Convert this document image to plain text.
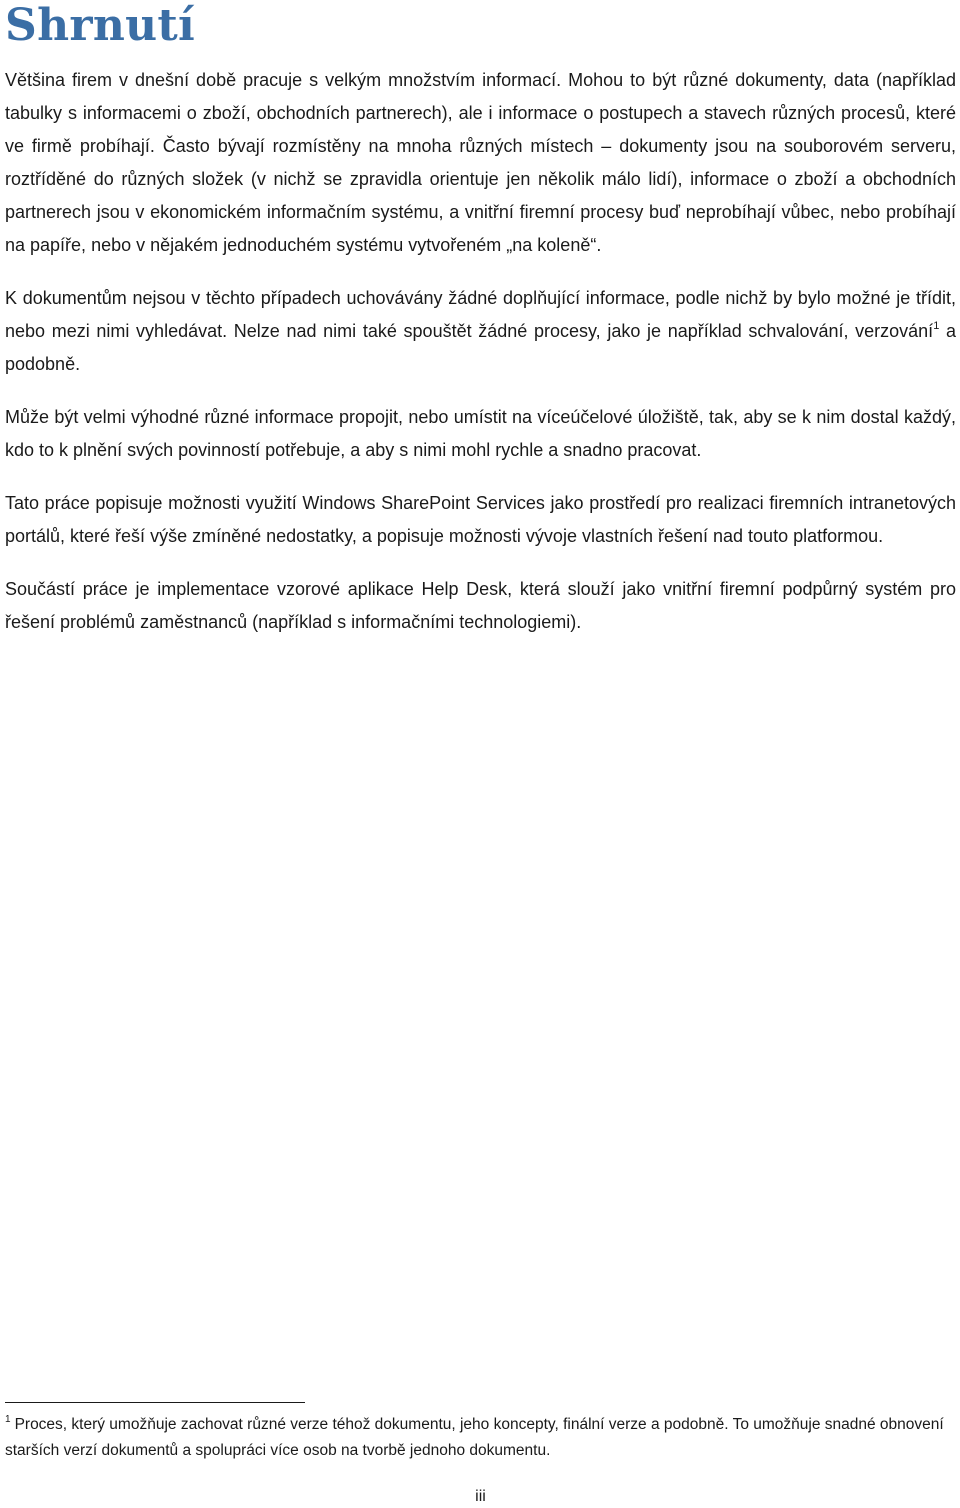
Shrnutí

Většina firem v dnešní době pracuje s velkým množstvím informací. Mohou to být různé dokumenty, data (například tabulky s informacemi o zboží, obchodních partnerech), ale i informace o postupech a stavech různých procesů, které ve firmě probíhají. Často bývají rozmístěny na mnoha různých místech – dokumenty jsou na souborovém serveru, roztříděné do různých složek (v nichž se zpravidla orientuje jen několik málo lidí), informace o zboží a obchodních partnerech jsou v ekonomickém informačním systému, a vnitřní firemní procesy buď neprobíhají vůbec, nebo probíhají na papíře, nebo v nějakém jednoduchém systému vytvořeném „na koleně“.

K dokumentům nejsou v těchto případech uchovávány žádné doplňující informace, podle nichž by bylo možné je třídit, nebo mezi nimi vyhledávat. Nelze nad nimi také spouštět žádné procesy, jako je například schvalování, verzování$^1$ a podobně.

Může být velmi výhodné různé informace propojit, nebo umístit na víceúčelové úložiště, tak, aby se k nim dostal každý, kdo to k plnění svých povinností potřebuje, a aby s nimi mohl rychle a snadno pracovat.

Tato práce popisuje možnosti využití Windows SharePoint Services jako prostředí pro realizaci firemních intranetových portálů, které řeší výše zmíněné nedostatky, a popisuje možnosti vývoje vlastních řešení nad touto platformou.

Součástí práce je implementace vzorové aplikace Help Desk, která slouží jako vnitřní firemní podpůrný systém pro řešení problémů zaměstnanců (například s informačními technologiemi).

$^1$ Proces, který umožňuje zachovat různé verze téhož dokumentu, jeho koncepty, finální verze a podobně. To umožňuje snadné obnovení starších verzí dokumentů a spolupráci více osob na tvorbě jednoho dokumentu.

iii
